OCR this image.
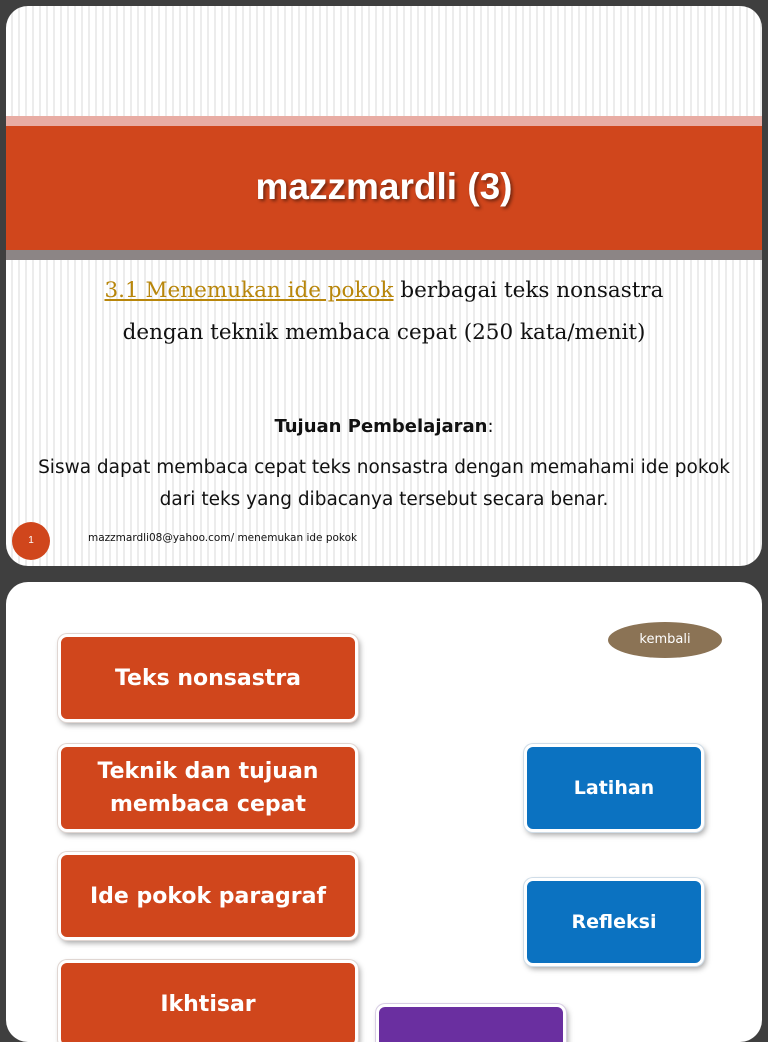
mazzmardli (3)
3.1 Menemukan ide pokok berbagai teks nonsastra
dengan teknik membaca cepat (250 kata/menit)
Tujuan Pembelajaran:
Siswa dapat membaca cepat teks nonsastra dengan memahami ide pokok dari teks yang dibacanya tersebut secara benar.
1	mazzmardli08@yahoo.com/ menemukan ide pokok
kembali
Teks nonsastra
Teknik dan tujuan membaca cepat
Ide pokok paragraf
Ikhtisar
Latihan
Refleksi
